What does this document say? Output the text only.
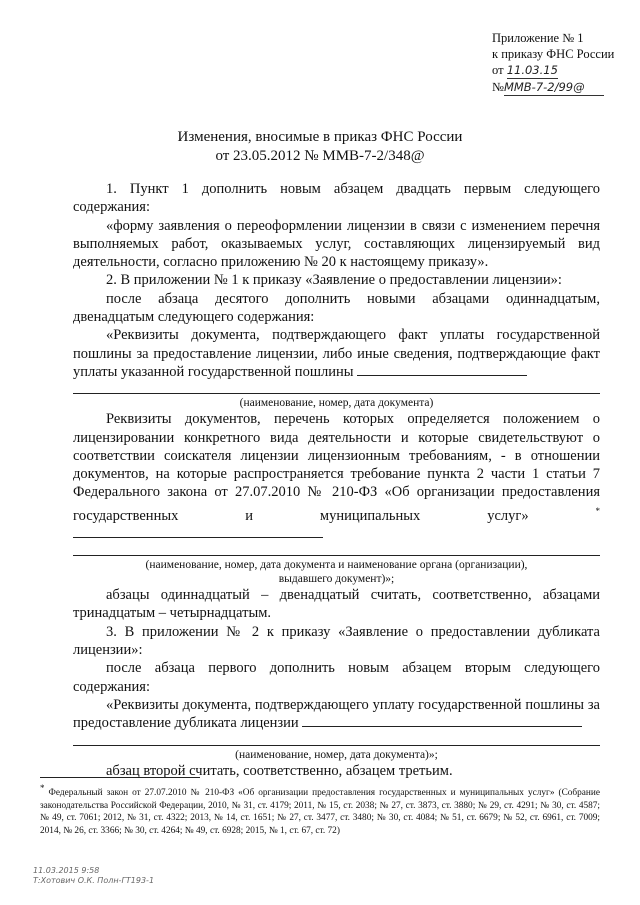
Приложение № 1
к приказу ФНС России
от 11.03.15
№ММВ-7-2/99@
Изменения, вносимые в приказ ФНС России
от 23.05.2012 № ММВ-7-2/348@
1. Пункт 1 дополнить новым абзацем двадцать первым следующего содержания:
«форму заявления о переоформлении лицензии в связи с изменением перечня выполняемых работ, оказываемых услуг, составляющих лицензируемый вид деятельности, согласно приложению № 20 к настоящему приказу».
2. В приложении № 1 к приказу «Заявление о предоставлении лицензии»:
после абзаца десятого дополнить новыми абзацами одиннадцатым, двенадцатым следующего содержания:
«Реквизиты документа, подтверждающего факт уплаты государственной пошлины за предоставление лицензии, либо иные сведения, подтверждающие факт уплаты указанной государственной пошлины
(наименование, номер, дата документа)
Реквизиты документов, перечень которых определяется положением о лицензировании конкретного вида деятельности и которые свидетельствуют о соответствии соискателя лицензии лицензионным требованиям, - в отношении документов, на которые распространяется требование пункта 2 части 1 статьи 7 Федерального закона от 27.07.2010 № 210-ФЗ «Об организации предоставления государственных и муниципальных услуг»	*
(наименование, номер, дата документа и наименование органа (организации),
выдавшего документ)»;
абзацы одиннадцатый – двенадцатый считать, соответственно, абзацами тринадцатым – четырнадцатым.
3. В приложении № 2 к приказу «Заявление о предоставлении дубликата лицензии»:
после абзаца первого дополнить новым абзацем вторым следующего содержания:
«Реквизиты документа, подтверждающего уплату государственной пошлины за предоставление дубликата лицензии
(наименование, номер, дата документа)»;
абзац второй считать, соответственно, абзацем третьим.
* Федеральный закон от 27.07.2010 № 210-ФЗ «Об организации предоставления государственных и муниципальных услуг» (Собрание законодательства Российской Федерации, 2010, № 31, ст. 4179; 2011, № 15, ст. 2038; № 27, ст. 3873, ст. 3880; № 29, ст. 4291; № 30, ст. 4587; № 49, ст. 7061; 2012, № 31, ст. 4322; 2013, № 14, ст. 1651; № 27, ст. 3477, ст. 3480; № 30, ст. 4084; № 51, ст. 6679; № 52, ст. 6961, ст. 7009; 2014, № 26, ст. 3366; № 30, ст. 4264; № 49, ст. 6928; 2015, № 1, ст. 67, ст. 72)
11.03.2015 9:58
Т:Хотович О.К. Полн-ГТ193-1
